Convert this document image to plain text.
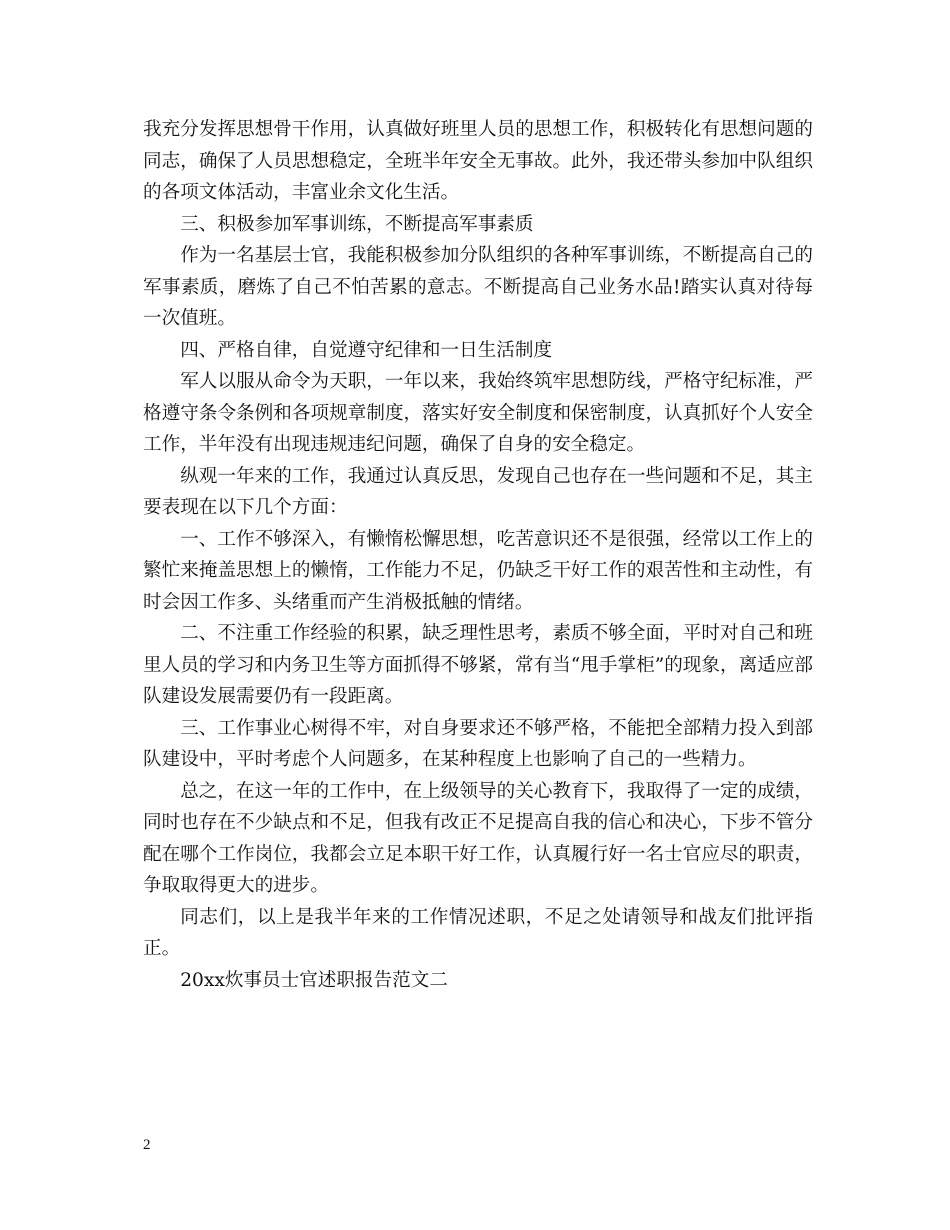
我充分发挥思想骨干作用，认真做好班里人员的思想工作，积极转化有思想问题的同志，确保了人员思想稳定，全班半年安全无事故。此外，我还带头参加中队组织的各项文体活动，丰富业余文化生活。

三、积极参加军事训练，不断提高军事素质

作为一名基层士官，我能积极参加分队组织的各种军事训练，不断提高自己的军事素质，磨炼了自己不怕苦累的意志。不断提高自己业务水品!踏实认真对待每一次值班。

四、严格自律，自觉遵守纪律和一日生活制度

军人以服从命令为天职，一年以来，我始终筑牢思想防线，严格守纪标准，严格遵守条令条例和各项规章制度，落实好安全制度和保密制度，认真抓好个人安全工作，半年没有出现违规违纪问题，确保了自身的安全稳定。

纵观一年来的工作，我通过认真反思，发现自己也存在一些问题和不足，其主要表现在以下几个方面：

一、工作不够深入，有懒惰松懈思想，吃苦意识还不是很强，经常以工作上的繁忙来掩盖思想上的懒惰，工作能力不足，仍缺乏干好工作的艰苦性和主动性，有时会因工作多、头绪重而产生消极抵触的情绪。

二、不注重工作经验的积累，缺乏理性思考，素质不够全面，平时对自己和班里人员的学习和内务卫生等方面抓得不够紧，常有当“甩手掌柜”的现象，离适应部队建设发展需要仍有一段距离。

三、工作事业心树得不牢，对自身要求还不够严格，不能把全部精力投入到部队建设中，平时考虑个人问题多，在某种程度上也影响了自己的一些精力。

总之，在这一年的工作中，在上级领导的关心教育下，我取得了一定的成绩，同时也存在不少缺点和不足，但我有改正不足提高自我的信心和决心，下步不管分配在哪个工作岗位，我都会立足本职干好工作，认真履行好一名士官应尽的职责，争取取得更大的进步。

同志们，以上是我半年来的工作情况述职，不足之处请领导和战友们批评指正。

20xx炊事员士官述职报告范文二

2
